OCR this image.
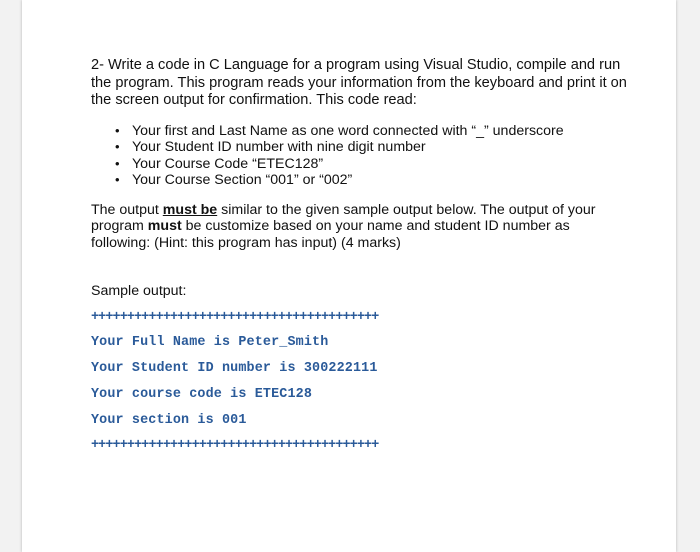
2- Write a code in C Language for a program using Visual Studio, compile and run the program. This program reads your information from the keyboard and print it on the screen output for confirmation. This code read:

• Your first and Last Name as one word connected with “_” underscore
• Your Student ID number with nine digit number
• Your Course Code “ETEC128”
• Your Course Section “001” or “002”

The output must be similar to the given sample output below. The output of your program must be customize based on your name and student ID number as following: (Hint: this program has input) (4 marks)

Sample output:
++++++++++++++++++++++++++++++++++++++++
Your Full Name is Peter_Smith
Your Student ID number is 300222111
Your course code is ETEC128
Your section is 001
++++++++++++++++++++++++++++++++++++++++
